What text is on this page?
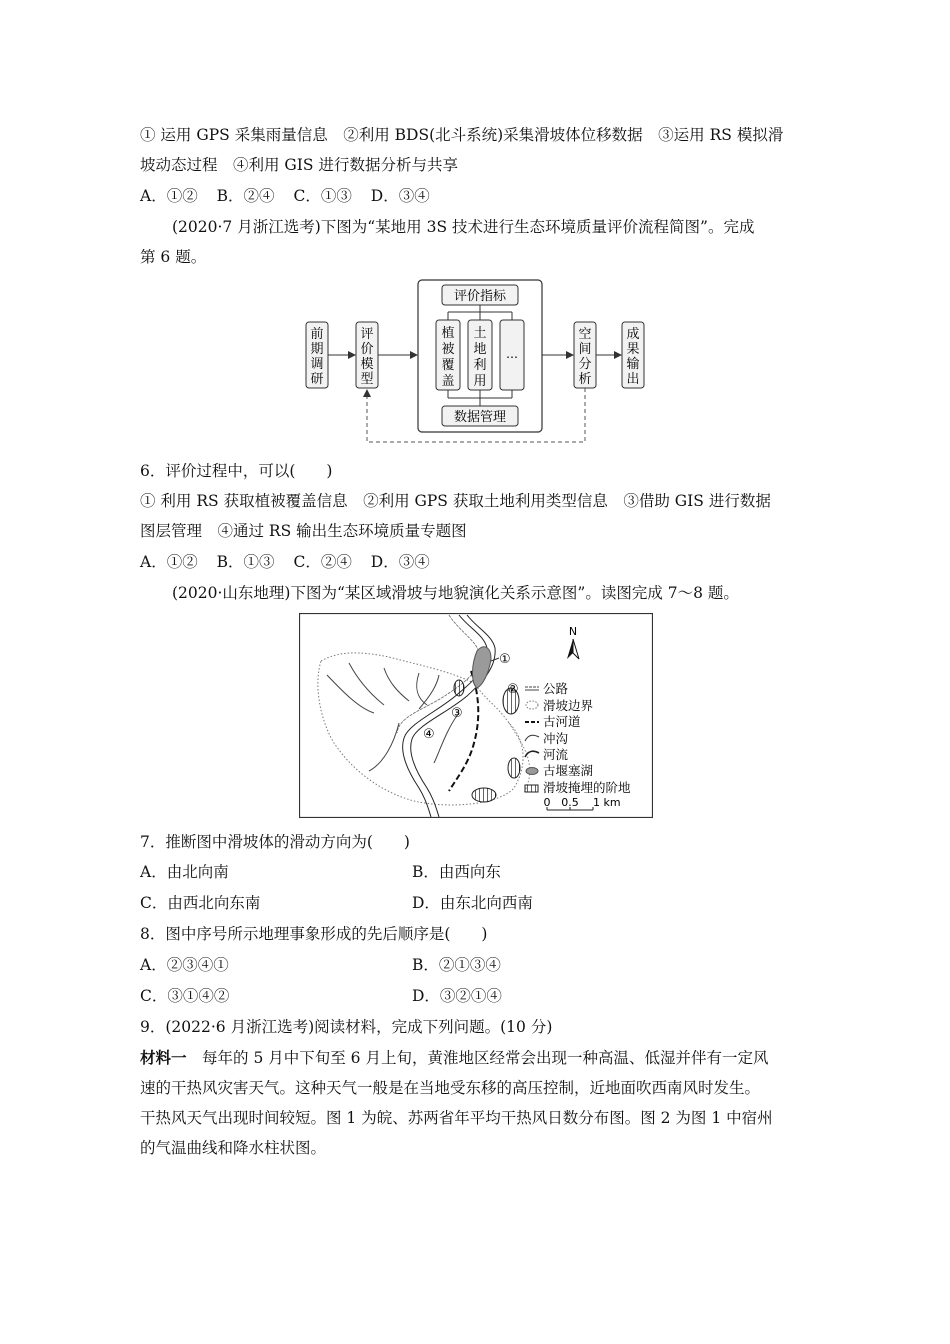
① 运用 GPS 采集雨量信息　②利用 BDS(北斗系统)采集滑坡体位移数据　③运用 RS 模拟滑
坡动态过程　④利用 GIS 进行数据分析与共享
A．①② B．②④ C．①③ D．③④
(2020·7 月浙江选考)下图为“某地用 3S 技术进行生态环境质量评价流程简图”。完成
第 6 题。
前
期
调
研
评
价
模
型
评价指标
植
被
覆
盖
土
地
利
用
…
数据管理
空
间
分
析
成
果
输
出
6．评价过程中，可以(　　)
① 利用 RS 获取植被覆盖信息　②利用 GPS 获取土地利用类型信息　③借助 GIS 进行数据
图层管理　④通过 RS 输出生态环境质量专题图
A．①② B．①③ C．②④ D．③④
(2020·山东地理)下图为“某区域滑坡与地貌演化关系示意图”。读图完成 7～8 题。
①
②
③
④
N
公路
滑坡边界
古河道
冲沟
河流
古堰塞湖
滑坡掩埋的阶地
0 0.5 1 km
7．推断图中滑坡体的滑动方向为(　　)
A．由北向南	B．由西向东
C．由西北向东南	D．由东北向西南
8．图中序号所示地理事象形成的先后顺序是(　　)
A．②③④①	B．②①③④
C．③①④②	D．③②①④
9．(2022·6 月浙江选考)阅读材料，完成下列问题。(10 分)
材料一　每年的 5 月中下旬至 6 月上旬，黄淮地区经常会出现一种高温、低湿并伴有一定风
速的干热风灾害天气。这种天气一般是在当地受东移的高压控制，近地面吹西南风时发生。
干热风天气出现时间较短。图 1 为皖、苏两省年平均干热风日数分布图。图 2 为图 1 中宿州
的气温曲线和降水柱状图。
